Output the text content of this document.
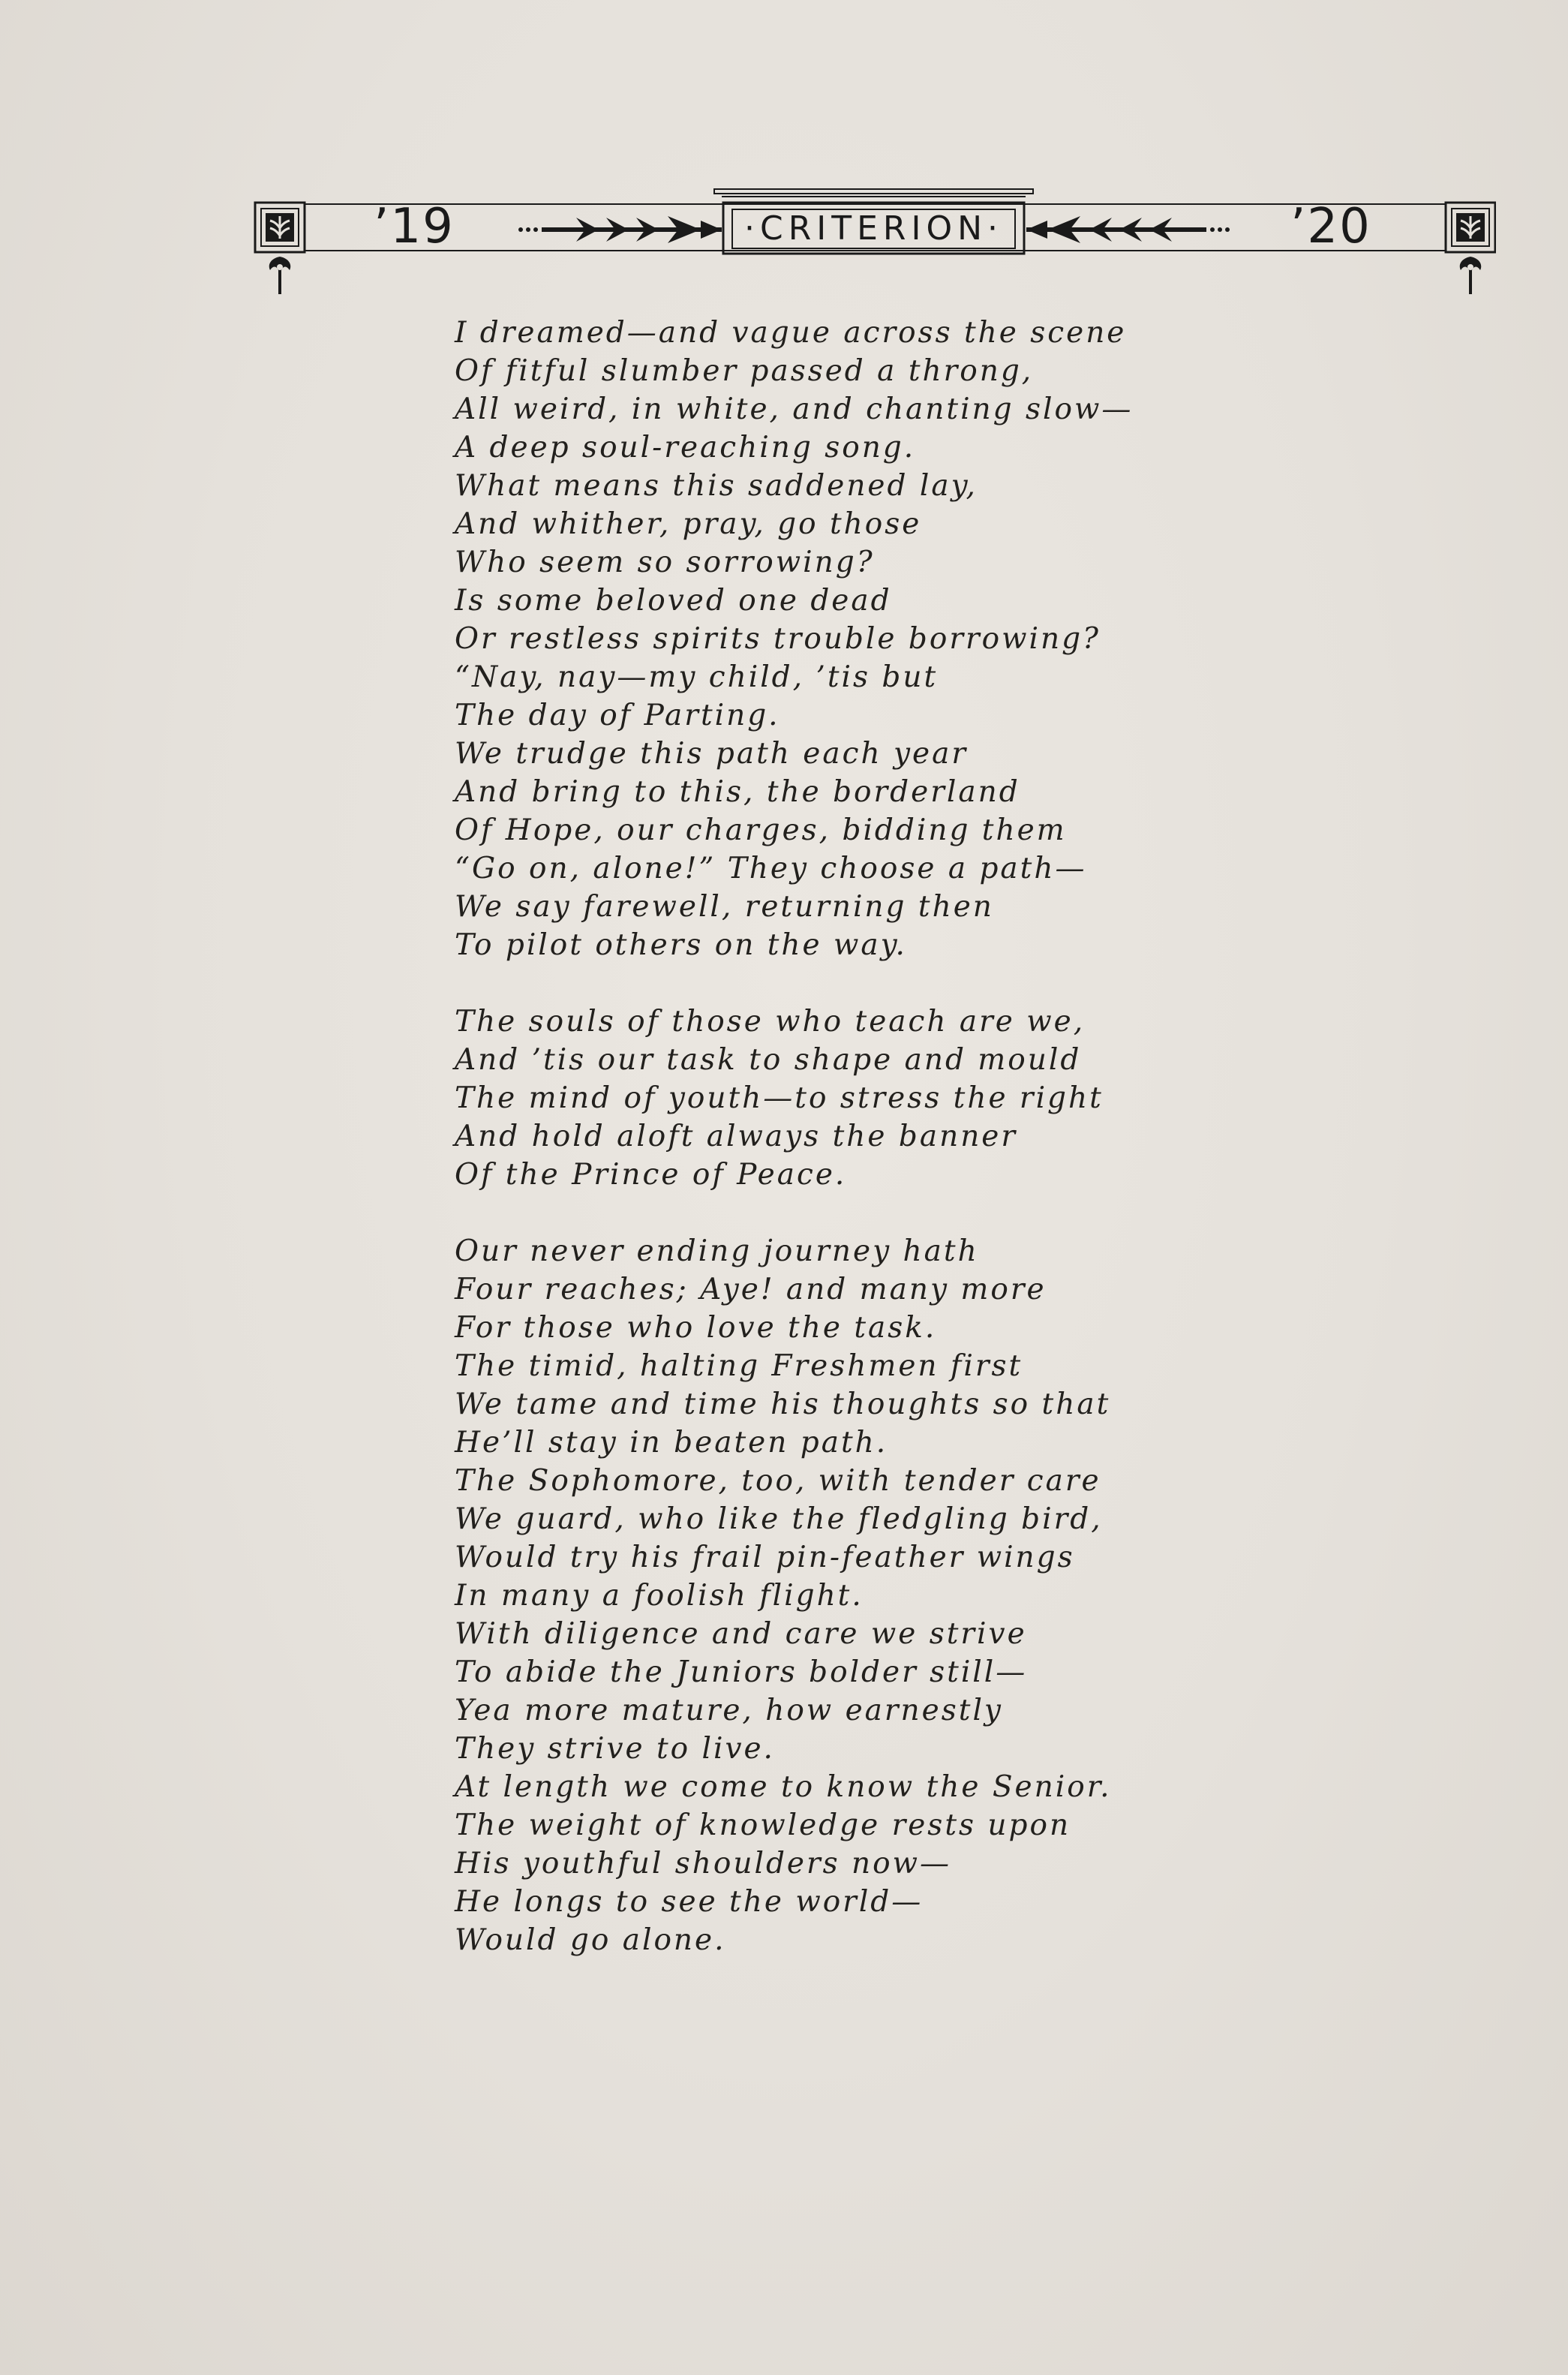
’19	·CRITERION·	’20
I dreamed—and vague across the scene
Of fitful slumber passed a throng,
All weird, in white, and chanting slow—
A deep soul-reaching song.
What means this saddened lay,
And whither, pray, go those
Who seem so sorrowing?
Is some beloved one dead
Or restless spirits trouble borrowing?
“Nay, nay—my child, ’tis but
The day of Parting.
We trudge this path each year
And bring to this, the borderland
Of Hope, our charges, bidding them
“Go on, alone!” They choose a path—
We say farewell, returning then
To pilot others on the way.
The souls of those who teach are we,
And ’tis our task to shape and mould
The mind of youth—to stress the right
And hold aloft always the banner
Of the Prince of Peace.
Our never ending journey hath
Four reaches; Aye! and many more
For those who love the task.
The timid, halting Freshmen first
We tame and time his thoughts so that
He’ll stay in beaten path.
The Sophomore, too, with tender care
We guard, who like the fledgling bird,
Would try his frail pin-feather wings
In many a foolish flight.
With diligence and care we strive
To abide the Juniors bolder still—
Yea more mature, how earnestly
They strive to live.
At length we come to know the Senior.
The weight of knowledge rests upon
His youthful shoulders now—
He longs to see the world—
Would go alone.
